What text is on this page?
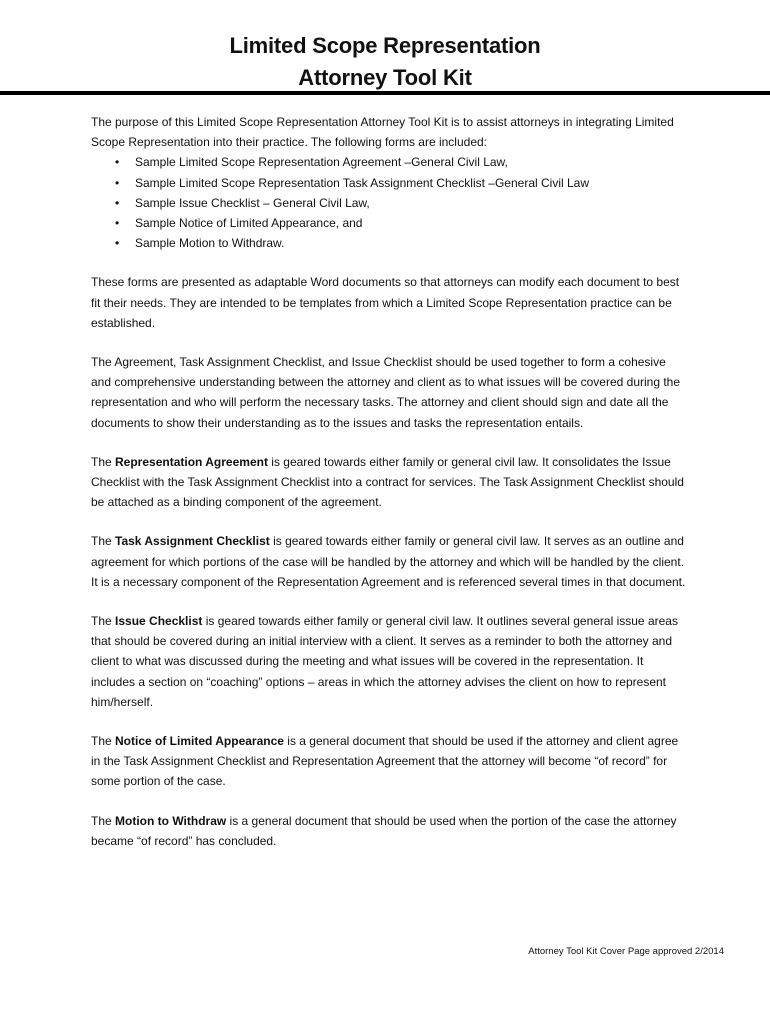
Limited Scope Representation
Attorney Tool Kit

The purpose of this Limited Scope Representation Attorney Tool Kit is to assist attorneys in integrating Limited Scope Representation into their practice. The following forms are included:

• Sample Limited Scope Representation Agreement –General Civil Law,
• Sample Limited Scope Representation Task Assignment Checklist –General Civil Law
• Sample Issue Checklist – General Civil Law,
• Sample Notice of Limited Appearance, and
• Sample Motion to Withdraw.

These forms are presented as adaptable Word documents so that attorneys can modify each document to best fit their needs. They are intended to be templates from which a Limited Scope Representation practice can be established.

The Agreement, Task Assignment Checklist, and Issue Checklist should be used together to form a cohesive and comprehensive understanding between the attorney and client as to what issues will be covered during the representation and who will perform the necessary tasks. The attorney and client should sign and date all the documents to show their understanding as to the issues and tasks the representation entails.

The Representation Agreement is geared towards either family or general civil law. It consolidates the Issue Checklist with the Task Assignment Checklist into a contract for services. The Task Assignment Checklist should be attached as a binding component of the agreement.

The Task Assignment Checklist is geared towards either family or general civil law. It serves as an outline and agreement for which portions of the case will be handled by the attorney and which will be handled by the client. It is a necessary component of the Representation Agreement and is referenced several times in that document.

The Issue Checklist is geared towards either family or general civil law. It outlines several general issue areas that should be covered during an initial interview with a client. It serves as a reminder to both the attorney and client to what was discussed during the meeting and what issues will be covered in the representation. It includes a section on “coaching” options – areas in which the attorney advises the client on how to represent him/herself.

The Notice of Limited Appearance is a general document that should be used if the attorney and client agree in the Task Assignment Checklist and Representation Agreement that the attorney will become “of record” for some portion of the case.

The Motion to Withdraw is a general document that should be used when the portion of the case the attorney became “of record” has concluded.

Attorney Tool Kit Cover Page approved 2/2014
